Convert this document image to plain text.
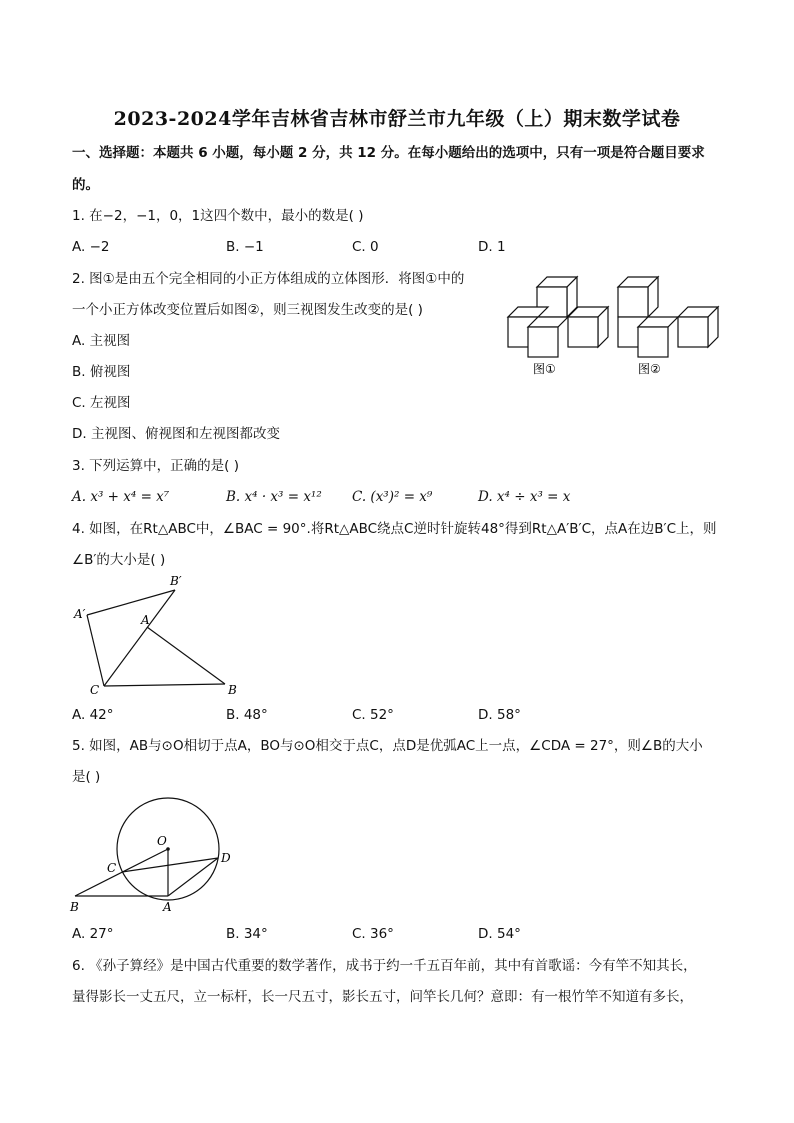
2023-2024学年吉林省吉林市舒兰市九年级（上）期末数学试卷
一、选择题：本题共 6 小题，每小题 2 分，共 12 分。在每小题给出的选项中，只有一项是符合题目要求
的。
1. 在−2，−1，0，1这四个数中，最小的数是( )
A. −2	B. −1	C. 0	D. 1
2. 图①是由五个完全相同的小正方体组成的立体图形．将图①中的
一个小正方体改变位置后如图②，则三视图发生改变的是( )
A. 主视图
B. 俯视图
C. 左视图
D. 主视图、俯视图和左视图都改变
图①	图②
3. 下列运算中，正确的是( )
A. x³ + x⁴ = x⁷	B. x⁴ · x³ = x¹² C. (x³)² = x⁹	D. x⁴ ÷ x³ = x
4. 如图，在Rt△ABC中，∠BAC = 90°.将Rt△ABC绕点C逆时针旋转48°得到Rt△A′B′C，点A在边B′C上，则
∠B′的大小是( )
A′
B′
A
C	B
A. 42°	B. 48°	C. 52°	D. 58°
5. 如图，AB与⊙O相切于点A，BO与⊙O相交于点C，点D是优弧AC上一点，∠CDA = 27°，则∠B的大小
是( )
O
C
D
B	A
A. 27°	B. 34°	C. 36°	D. 54°
6. 《孙子算经》是中国古代重要的数学著作，成书于约一千五百年前，其中有首歌谣：今有竿不知其长，
量得影长一丈五尺，立一标杆，长一尺五寸，影长五寸，问竿长几何？意即：有一根竹竿不知道有多长，
